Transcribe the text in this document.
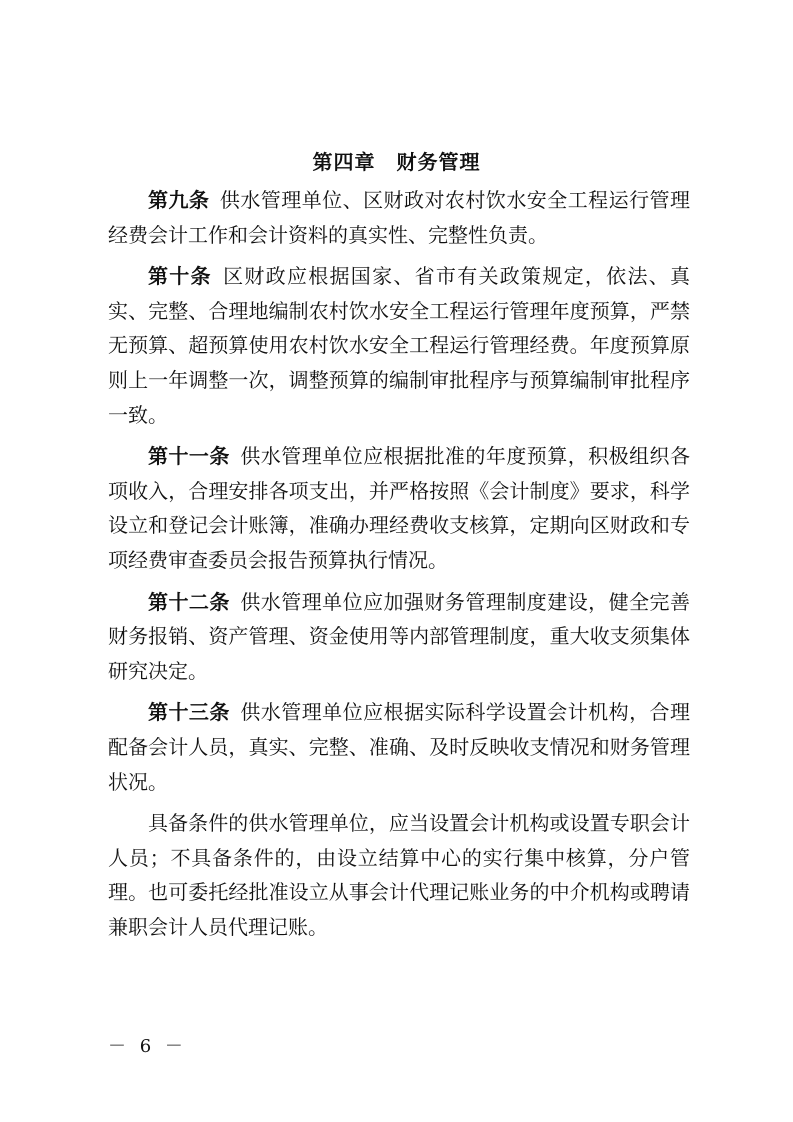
第四章　财务管理

第九条  供水管理单位、区财政对农村饮水安全工程运行管理经费会计工作和会计资料的真实性、完整性负责。

第十条  区财政应根据国家、省市有关政策规定，依法、真实、完整、合理地编制农村饮水安全工程运行管理年度预算，严禁无预算、超预算使用农村饮水安全工程运行管理经费。年度预算原则上一年调整一次，调整预算的编制审批程序与预算编制审批程序一致。

第十一条  供水管理单位应根据批准的年度预算，积极组织各项收入，合理安排各项支出，并严格按照《会计制度》要求，科学设立和登记会计账簿，准确办理经费收支核算，定期向区财政和专项经费审查委员会报告预算执行情况。

第十二条  供水管理单位应加强财务管理制度建设，健全完善财务报销、资产管理、资金使用等内部管理制度，重大收支须集体研究决定。

第十三条  供水管理单位应根据实际科学设置会计机构，合理配备会计人员，真实、完整、准确、及时反映收支情况和财务管理状况。

具备条件的供水管理单位，应当设置会计机构或设置专职会计人员；不具备条件的，由设立结算中心的实行集中核算，分户管理。也可委托经批准设立从事会计代理记账业务的中介机构或聘请兼职会计人员代理记账。

－ 6 －
